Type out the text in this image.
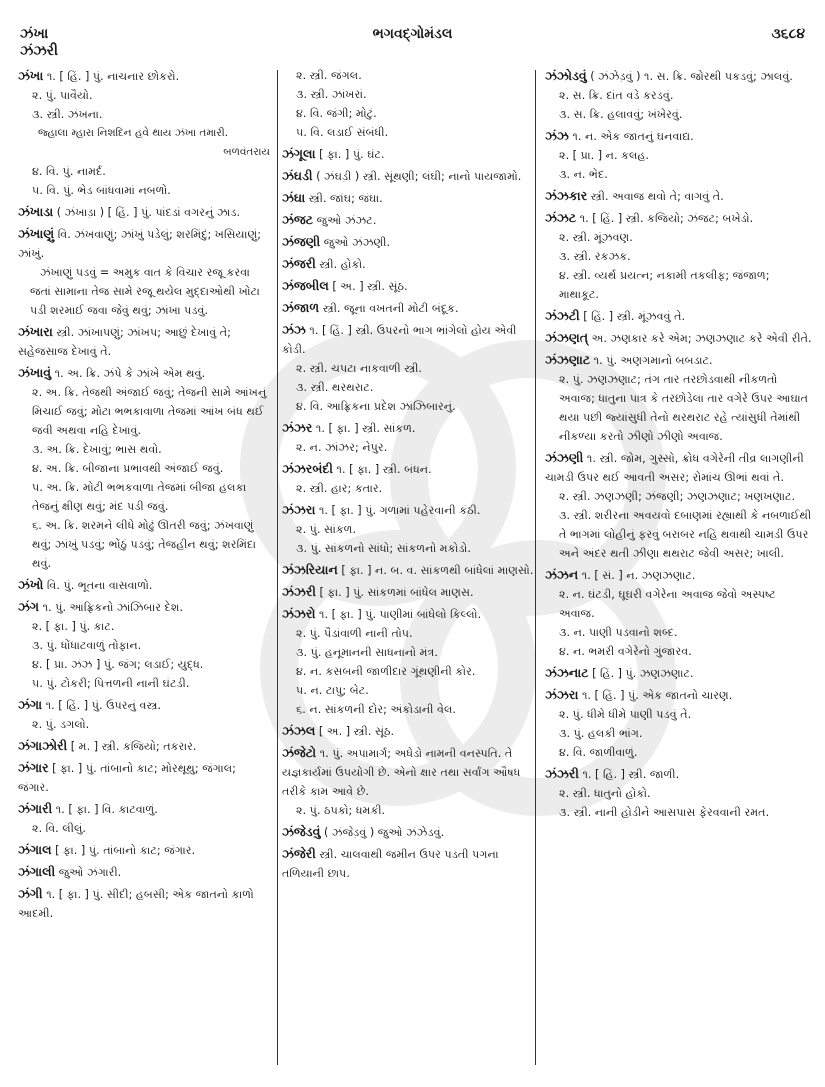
ઝંખા
ઝંઝરી
ભગવદ્ગોમંડલ	૩૬૮૪
ઝંખા ૧. [ હિં. ] પું. નાચનાર છોકરો.
૨. પું. પાવૈયો.
૩. સ્ત્રી. ઝંખના.
જ્હાલા મ્હારા નિશદિન હવે થાય ઝંખા તમારી.
બળવંતરાય
૪. વિ. પું. નામર્દ.
૫. વિ. પું. ભેડ બાંધવામાં નબળો.
ઝંખાડા ( ઝંખાડ઼ા ) [ હિં. ] પું. પાંદડાં વગરનું ઝાડ.
ઝંખાણું વિ. ઝંખવાણું; ઝાંખું પડેલું; શરમિંદું; ખસિયાણું; ઝાંખું.
ઝંખાણું પડવું = અમુક વાત કે વિચાર રજૂ કરવા જતાં સામાના તેજ સામે રજૂ થયેલ મુદ્દાઓથી ખોટા પડી શરમાઈ જવા જેવું થવું; ઝાંખા પડવું.
ઝંખારા સ્ત્રી. ઝાંખાપણું; ઝાંખપ; આછું દેખાવું તે; સહેજસાજ દેખાવું તે.
ઝંખાવું ૧. અ. ક્રિ. ઝંપે કે ઝાંખે એમ થવું.
૨. અ. ક્રિ. તેજથી અંજાઈ જવું; તેજની સામે આંખનું મિચાઈ જવું; મોટા ભભકાવાળા તેજમાં આંખ બંધ થઈ જવી અથવા નહિ દેખાવું.
૩. અ. ક્રિ. દેખાવું; ભાસ થવો.
૪. અ. ક્રિ. બીજાના પ્રભાવથી અંજાઈ જવું.
૫. અ. ક્રિ. મોટી ભભકવાળા તેજમાં બીજા હલકા તેજનું ક્ષીણ થવું; મંદ પડી જવું.
૬. અ. ક્રિ. શરમને લીધે મોઢું ઊતરી જવું; ઝંખવાણું થવું; ઝાંખું પડવું; ભોંઠું પડવું; તેજહીન થવું; શરમિંદા થવું.
ઝંખો વિ. પું. ભૂતના વાસવાળો.
ઝંગ ૧. પું. આફ્રિકનો ઝાંઝિબાર દેશ.
૨. [ ફા. ] પું. કાટ.
૩. પું. ધોંધાટવાળું તોફાન.
૪. [ પ્રા. ઝંઝ ] પું. જંગ; લડાઈ; યુદ્ધ.
૫. પું. ટોકરી; પિત્તળની નાની ઘંટડી.
ઝંગા ૧. [ હિં. ] પું. ઉપરનું વસ્ત્ર.
૨. પું. ડગલો.
ઝંગાઝોરી [ મ. ] સ્ત્રી. કજિયો; તકરાર.
ઝંગાર [ ફા. ] પું. તાંબાનો કાટ; મોરથૂથુ; જંગાલ; જંગાર.
ઝંગારી ૧. [ ફા. ] વિ. કાટવાળું.
૨. વિ. લીલું.
ઝંગાલ [ ફા. ] પું. તાંબાનો કાટ; જંગાર.
ઝંગાલી જુઓ ઝંગારી.
ઝંગી ૧. [ ફા. ] પું. સીદી; હબસી; એક જાતનો કાળો આદમી.
૨. સ્ત્રી. જંગલ.
૩. સ્ત્રી. ઝાંખરાં.
૪. વિ. જંગી; મોટું.
૫. વિ. લડાઈ સંબંધી.
ઝંગૂલા [ ફા. ] પું. ઘંટ.
ઝંઘડી ( ઝંઘડ઼ી ) સ્ત્રી. સૂંથણી; લંઘી; નાનો પાયજામો.
ઝંઘા સ્ત્રી. જાંઘ; જંઘા.
ઝંજટ જુઓ ઝંઝટ.
ઝંજણી જુઓ ઝંઝણી.
ઝંજરી સ્ત્રી. હોકો.
ઝંજબીલ [ અ. ] સ્ત્રી. સૂંઠ.
ઝંજાળ સ્ત્રી. જૂના વખતની મોટી બંદૂક.
ઝંઝ ૧. [ હિં. ] સ્ત્રી. ઉપરનો ભાગ ભાંગેલો હોય એવી કોડી.
૨. સ્ત્રી. ચપટા નાકવાળી સ્ત્રી.
૩. સ્ત્રી. થરથરાટ.
૪. વિ. આફ્રિકના પ્રદેશ ઝાંઝિબારનું.
ઝંઝર ૧. [ ફા. ] સ્ત્રી. સાંકળ.
૨. ન. ઝાંઝર; નેપુર.
ઝંઝરબંદી ૧. [ ફા. ] સ્ત્રી. બંધન.
૨. સ્ત્રી. હાર; કતાર.
ઝંઝરા ૧. [ ફા. ] પું. ગળામાં પહેરવાની કંઠી.
૨. પું. સાંકળ.
૩. પું. સાંકળનો સાંધો; સાંકળનો મકોડો.
ઝંઝરિયાન [ ફા. ] ન. બ. વ. સાંકળથી બાંધેલાં માણસો.
ઝંઝરી [ ફા. ] પું. સાંકળમાં બાંધેલ માણસ.
ઝંઝરો ૧. [ ફા. ] પું. પાણીમાં બાંધેલો કિલ્લો.
૨. પું. પૈડાંવાળી નાની તોપ.
૩. પું. હનૂમાનની સાધનાનો મંત્ર.
૪. ન. કસબની જાળીદાર ગૂંથણીની કોર.
૫. ન. ટાપુ; બેટ.
૬. ન. સાંકળની દોર; અંકોડાની વેલ.
ઝંઝલ [ અ. ] સ્ત્રી. સૂંઠ.
ઝંજેટો ૧. પું. અપામાર્ગ; અધેડો નામની વનસ્પતિ. તે યજ્ઞકાર્યમાં ઉપયોગી છે. એનો ક્ષાર તથા સર્વાંગ ઔષધ તરીકે કામ આવે છે.
૨. પું. ઠપકો; ધમકી.
ઝંજેડવું ( ઝંજેડ઼વું ) જુઓ ઝંઝેડવું.
ઝંજેરી સ્ત્રી. ચાલવાથી જમીન ઉપર પડતી પગના તળિયાની છાપ.
ઝંઝોડવું ( ઝંઝેડ઼વું ) ૧. સ. ક્રિ. જોરથી પકડવું; ઝાલવું.
૨. સ. ક્રિ. દાંત વડે કરડવું.
૩. સ. ક્રિ. હલાવવું; ખંખેરવું.
ઝંઝ ૧. ન. એક જાતનું ઘનવાદ્ય.
૨. [ પ્રા. ] ન. કલહ.
૩. ન. ભેદ.
ઝંઝકાર સ્ત્રી. અવાજ થવો તે; વાગવું તે.
ઝંઝટ ૧. [ હિં. ] સ્ત્રી. કજિયો; ઝંજટ; બખેડો.
૨. સ્ત્રી. મૂંઝવણ.
૩. સ્ત્રી. રકઝક.
૪. સ્ત્રી. વ્યર્થ પ્રયત્ન; નકામી તકલીફ; જંજાળ; માથાકૂટ.
ઝંઝટી [ હિં. ] સ્ત્રી. મૂંઝવવું તે.
ઝંઝણત્ અ. ઝણકાર કરે એમ; ઝણઝણાટ કરે એવી રીતે.
ઝંઝણાટ ૧. પું. અણગમાનો બબડાટ.
૨. પું. ઝણઝણાટ; તંગ તાર તરછોડવાથી નીકળતો અવાજ; ધાતુના પાત્ર કે તરછોડેલા તાર વગેરે ઉપર આઘાત થયા પછી જ્યાંસુધી તેનો થરથરાટ રહે ત્યાંસુધી તેમાંથી નીકળ્યા કરતો ઝીણો ઝીણો અવાજ.
ઝંઝણી ૧. સ્ત્રી. જોમ, ગુસ્સો, ક્રોધ વગેરેની તીવ્ર લાગણીની ચામડી ઉપર થઈ આવતી અસર; રોમાંચ ઊભાં થવાં તે.
૨. સ્ત્રી. ઝણઝણી; ઝંજણી; ઝણઝણાટ; ખણખણાટ.
૩. સ્ત્રી. શરીરના અવયવો દબાણમાં રહ્યાથી કે નબળાઈથી તે ભાગમાં લોહીનું ફરવું બરાબર નહિ થવાથી ચામડી ઉપર અને અંદર થતી ઝીણા થથરાટ જેવી અસર; ખાલી.
ઝંઝન ૧. [ સં. ] ન. ઝણઝણાટ.
૨. ન. ઘંટડી, ઘૂઘરી વગેરેના અવાજ જેવો અસ્પષ્ટ અવાજ.
૩. ન. પાણી પડવાનો શબ્દ.
૪. ન. ભમરી વગેરેનો ગુંજારવ.
ઝંઝનાટ [ હિં. ] પું. ઝણઝણાટ.
ઝંઝરા ૧. [ હિં. ] પું. એક જાતનો ચારણ.
૨. પું. ધીમે ધીમે પાણી પડવું તે.
૩. પું. હલકી ભાંગ.
૪. વિ. જાળીવાળું.
ઝંઝરી ૧. [ હિં. ] સ્ત્રી. જાળી.
૨. સ્ત્રી. ધાતુનો હોકો.
૩. સ્ત્રી. નાની હોડીને આસપાસ ફેરવવાની રમત.
